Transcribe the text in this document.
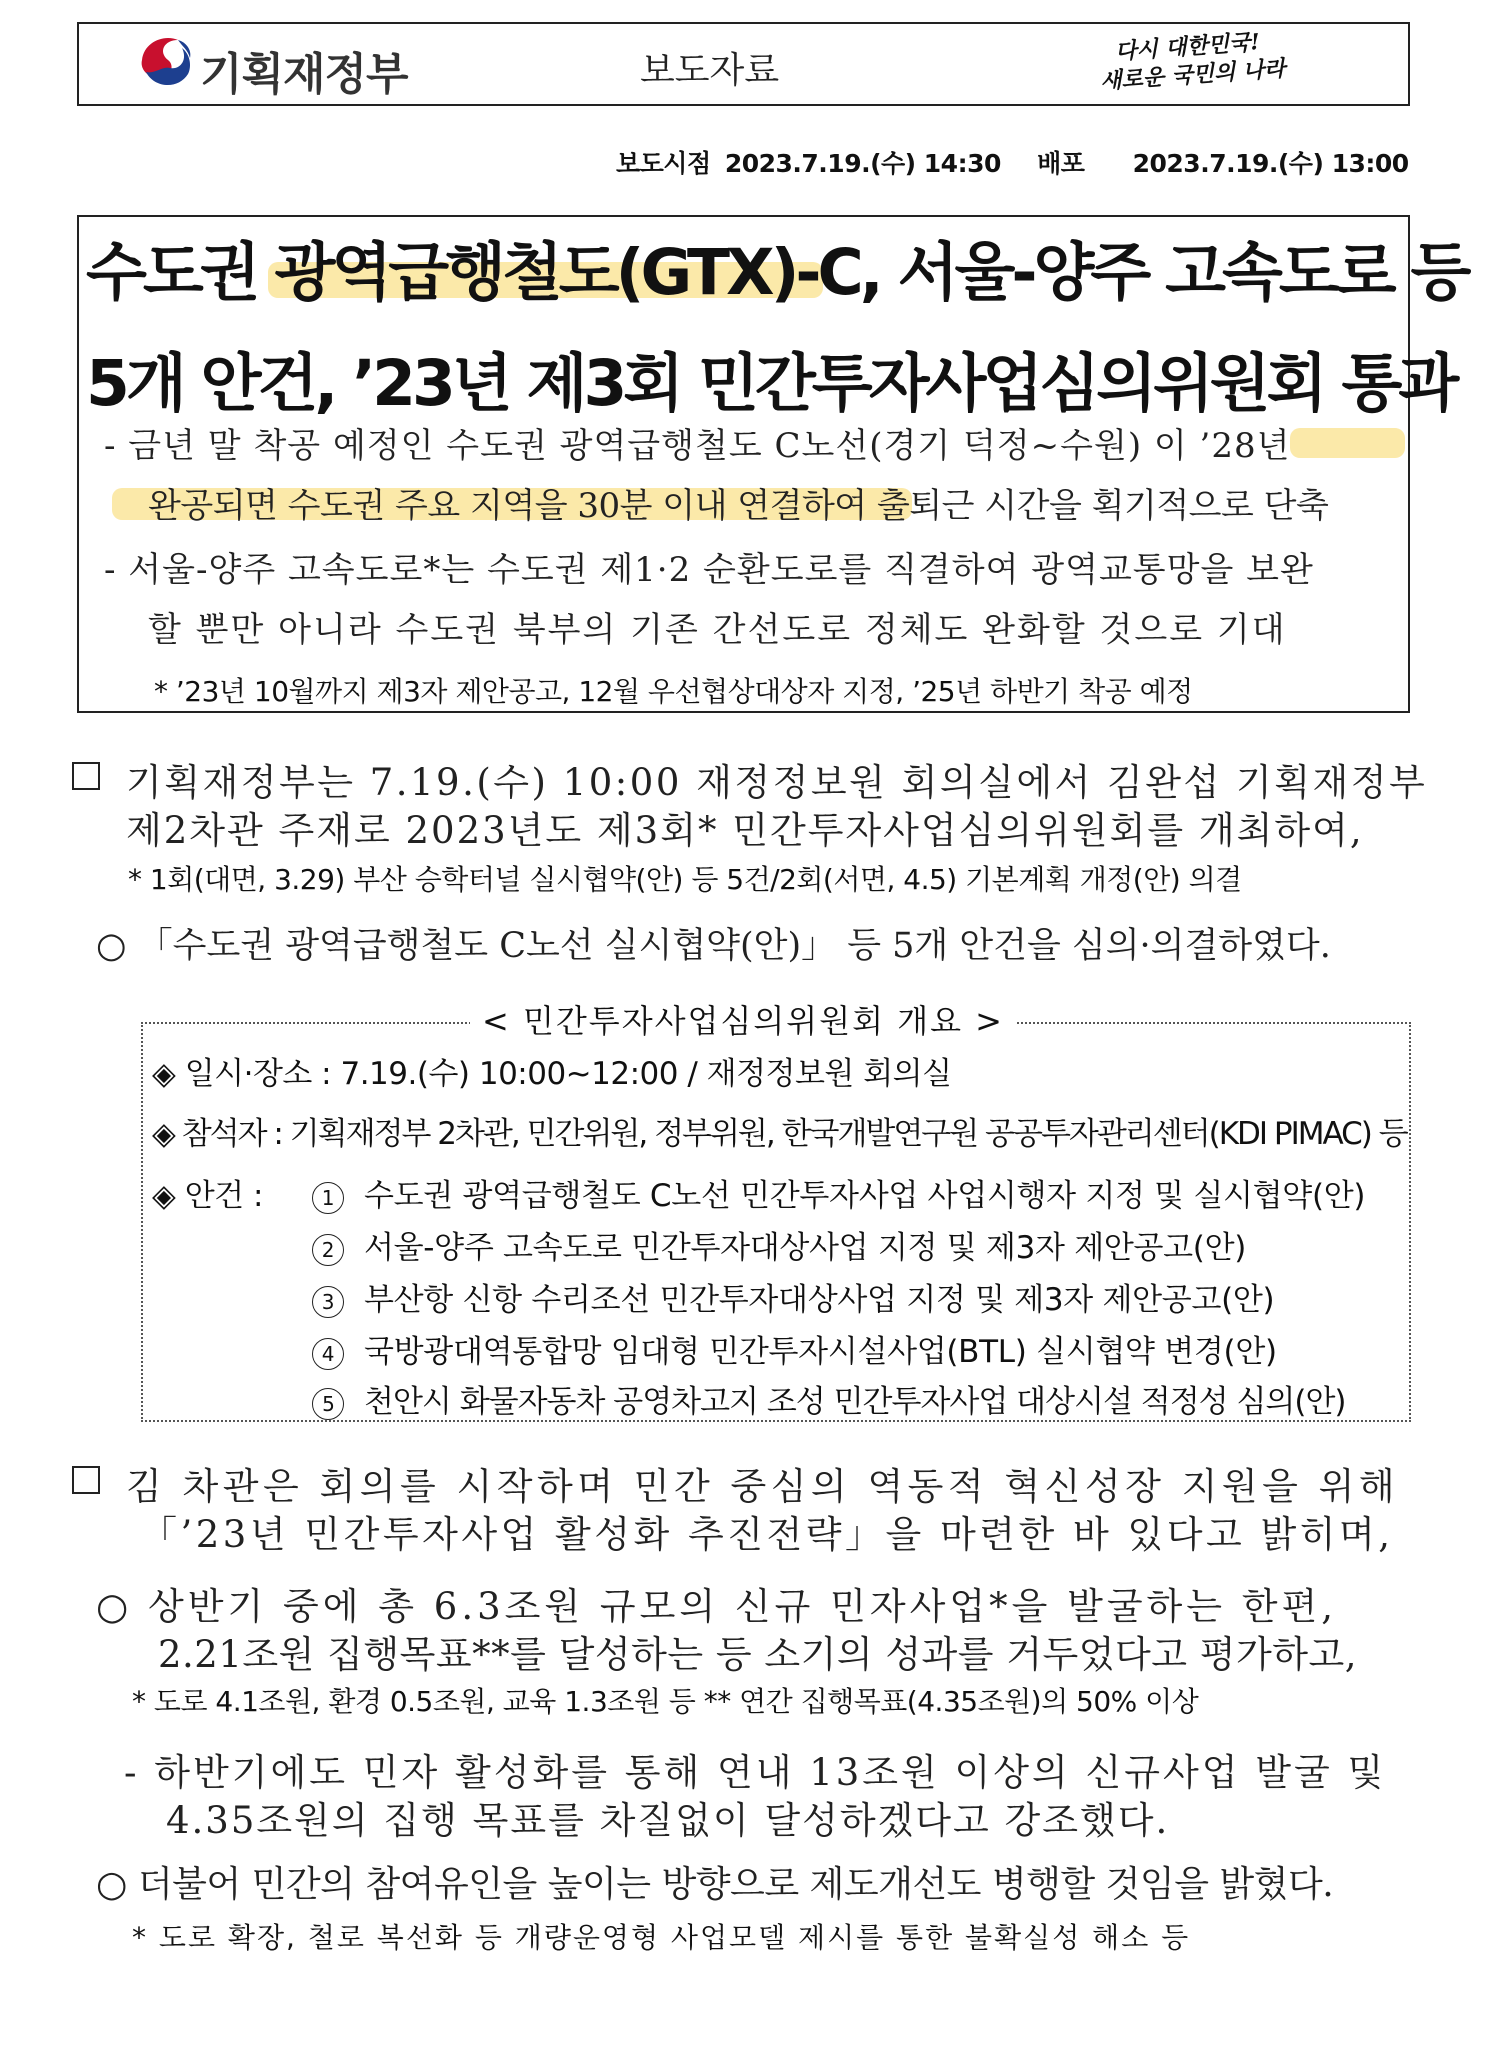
기획재정부	보도자료
다시 대한민국!
새로운 국민의 나라
보도시점 2023.7.19.(수) 14:30 배포 2023.7.19.(수) 13:00
수도권 광역급행철도(GTX)-C, 서울-양주 고속도로 등
5개 안건, ’23년 제3회 민간투자사업심의위원회 통과
- 금년 말 착공 예정인 수도권 광역급행철도 C노선(경기 덕정~수원) 이 ’28년
완공되면 수도권 주요 지역을 30분 이내 연결하여 출퇴근 시간을 획기적으로 단축
- 서울-양주 고속도로*는 수도권 제1·2 순환도로를 직결하여 광역교통망을 보완
할 뿐만 아니라 수도권 북부의 기존 간선도로 정체도 완화할 것으로 기대
* ’23년 10월까지 제3자 제안공고, 12월 우선협상대상자 지정, ’25년 하반기 착공 예정
기획재정부는 7.19.(수) 10:00 재정정보원 회의실에서 김완섭 기획재정부
제2차관 주재로 2023년도 제3회* 민간투자사업심의위원회를 개최하여,
* 1회(대면, 3.29) 부산 승학터널 실시협약(안) 등 5건/2회(서면, 4.5) 기본계획 개정(안) 의결
○ 「수도권 광역급행철도 C노선 실시협약(안)」 등 5개 안건을 심의·의결하였다.
< 민간투자사업심의위원회 개요 >
◈ 일시·장소 : 7.19.(수) 10:00~12:00 / 재정정보원 회의실
◈ 참석자 : 기획재정부 2차관, 민간위원, 정부위원, 한국개발연구원 공공투자관리센터(KDI PIMAC) 등
◈ 안건 :	1 수도권 광역급행철도 C노선 민간투자사업 사업시행자 지정 및 실시협약(안)
2 서울-양주 고속도로 민간투자대상사업 지정 및 제3자 제안공고(안)
3 부산항 신항 수리조선 민간투자대상사업 지정 및 제3자 제안공고(안)
4 국방광대역통합망 임대형 민간투자시설사업(BTL) 실시협약 변경(안)
5 천안시 화물자동차 공영차고지 조성 민간투자사업 대상시설 적정성 심의(안)
김 차관은 회의를 시작하며 민간 중심의 역동적 혁신성장 지원을 위해
「’23년 민간투자사업 활성화 추진전략」을 마련한 바 있다고 밝히며,
○ 상반기 중에 총 6.3조원 규모의 신규 민자사업*을 발굴하는 한편,
2.21조원 집행목표**를 달성하는 등 소기의 성과를 거두었다고 평가하고,
* 도로 4.1조원, 환경 0.5조원, 교육 1.3조원 등 ** 연간 집행목표(4.35조원)의 50% 이상
- 하반기에도 민자 활성화를 통해 연내 13조원 이상의 신규사업 발굴 및
4.35조원의 집행 목표를 차질없이 달성하겠다고 강조했다.
○ 더불어 민간의 참여유인을 높이는 방향으로 제도개선도 병행할 것임을 밝혔다.
* 도로 확장, 철로 복선화 등 개량운영형 사업모델 제시를 통한 불확실성 해소 등
